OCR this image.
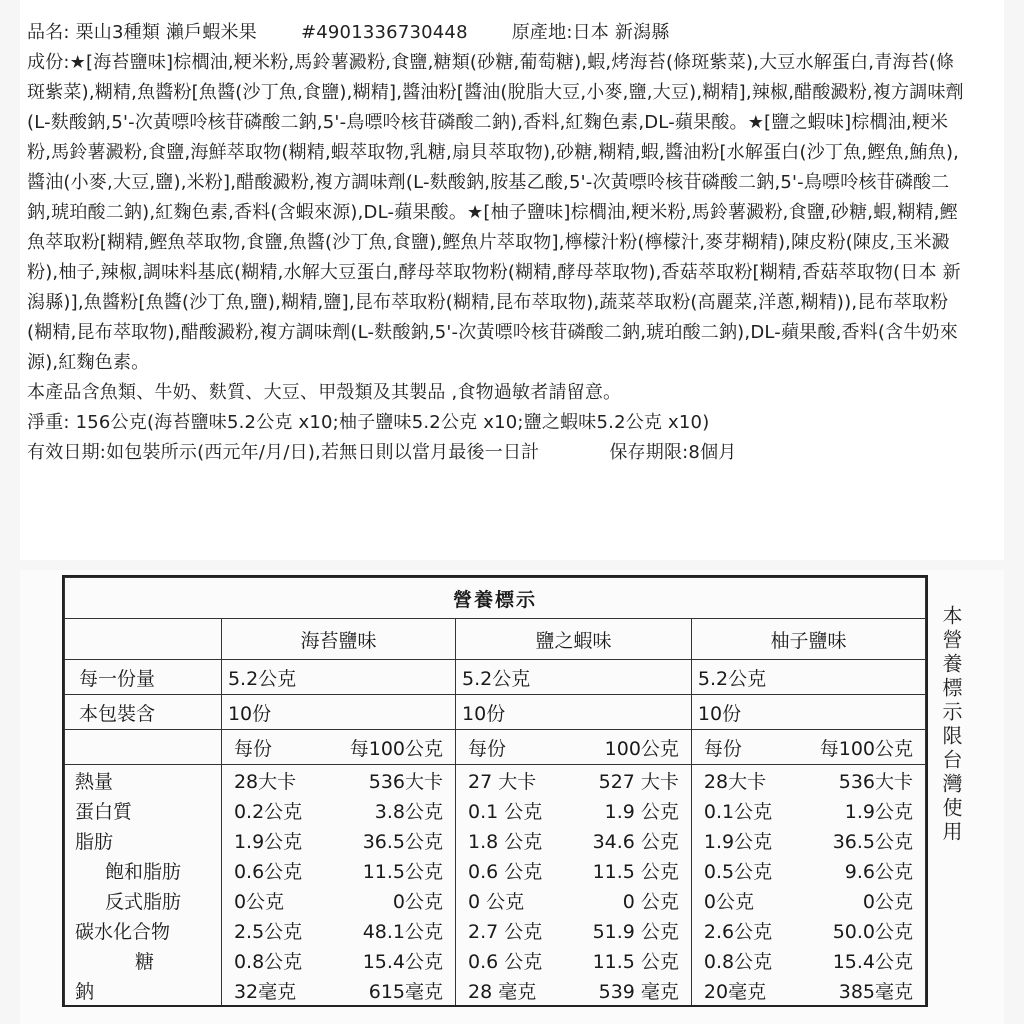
品名: 栗山3種類 瀨戶蝦米果 #4901336730448 原產地:日本 新潟縣
成份:★[海苔鹽味]棕櫚油,粳米粉,馬鈴薯澱粉,食鹽,糖類(砂糖,葡萄糖),蝦,烤海苔(條斑紫菜),大豆水解蛋白,青海苔(條斑紫菜),糊精,魚醬粉[魚醬(沙丁魚,食鹽),糊精],醬油粉[醬油(脫脂大豆,小麥,鹽,大豆),糊精],辣椒,醋酸澱粉,複方調味劑(L-麩酸鈉,5'-次黃嘌呤核苷磷酸二鈉,5'-鳥嘌呤核苷磷酸二鈉),香料,紅麴色素,DL-蘋果酸。★[鹽之蝦味]棕櫚油,粳米粉,馬鈴薯澱粉,食鹽,海鮮萃取物(糊精,蝦萃取物,乳糖,扇貝萃取物),砂糖,糊精,蝦,醬油粉[水解蛋白(沙丁魚,鰹魚,鮪魚),醬油(小麥,大豆,鹽),米粉],醋酸澱粉,複方調味劑(L-麩酸鈉,胺基乙酸,5'-次黃嘌呤核苷磷酸二鈉,5'-鳥嘌呤核苷磷酸二鈉,琥珀酸二鈉),紅麴色素,香料(含蝦來源),DL-蘋果酸。★[柚子鹽味]棕櫚油,粳米粉,馬鈴薯澱粉,食鹽,砂糖,蝦,糊精,鰹魚萃取粉[糊精,鰹魚萃取物,食鹽,魚醬(沙丁魚,食鹽),鰹魚片萃取物],檸檬汁粉(檸檬汁,麥芽糊精),陳皮粉(陳皮,玉米澱粉),柚子,辣椒,調味料基底(糊精,水解大豆蛋白,酵母萃取物粉(糊精,酵母萃取物),香菇萃取粉[糊精,香菇萃取物(日本 新潟縣)],魚醬粉[魚醬(沙丁魚,鹽),糊精,鹽],昆布萃取粉(糊精,昆布萃取物),蔬菜萃取粉(高麗菜,洋蔥,糊精)),昆布萃取粉(糊精,昆布萃取物),醋酸澱粉,複方調味劑(L-麩酸鈉,5'-次黃嘌呤核苷磷酸二鈉,琥珀酸二鈉),DL-蘋果酸,香料(含牛奶來源),紅麴色素。
本產品含魚類、牛奶、麩質、大豆、甲殼類及其製品 ,食物過敏者請留意。
淨重: 156公克(海苔鹽味5.2公克 x10;柚子鹽味5.2公克 x10;鹽之蝦味5.2公克 x10)
有效日期:如包裝所示(西元年/月/日),若無日則以當月最後一日計	保存期限:8個月
營養標示			
	海苔鹽味	鹽之蝦味	柚子鹽味
每一份量	5.2公克	5.2公克	5.2公克
本包裝含	10份	10份	10份

	每份 每100公克	每份 100公克	每份 每100公克

熱量	28大卡 536大卡	27 大卡 527 大卡	28大卡 536大卡

蛋白質	0.2公克 3.8公克	0.1 公克 1.9 公克	0.1公克 1.9公克

脂肪	1.9公克 36.5公克	1.8 公克 34.6 公克	1.9公克 36.5公克

飽和脂肪	0.6公克 11.5公克	0.6 公克 11.5 公克	0.5公克 9.6公克

反式脂肪	0公克 0公克	0 公克 0 公克	0公克 0公克

碳水化合物	2.5公克 48.1公克	2.7 公克 51.9 公克	2.6公克 50.0公克

糖	0.8公克 15.4公克	0.6 公克 11.5 公克	0.8公克 15.4公克

鈉	32毫克 615毫克	28 毫克 539 毫克	20毫克 385毫克
本營養標示限台灣使用
